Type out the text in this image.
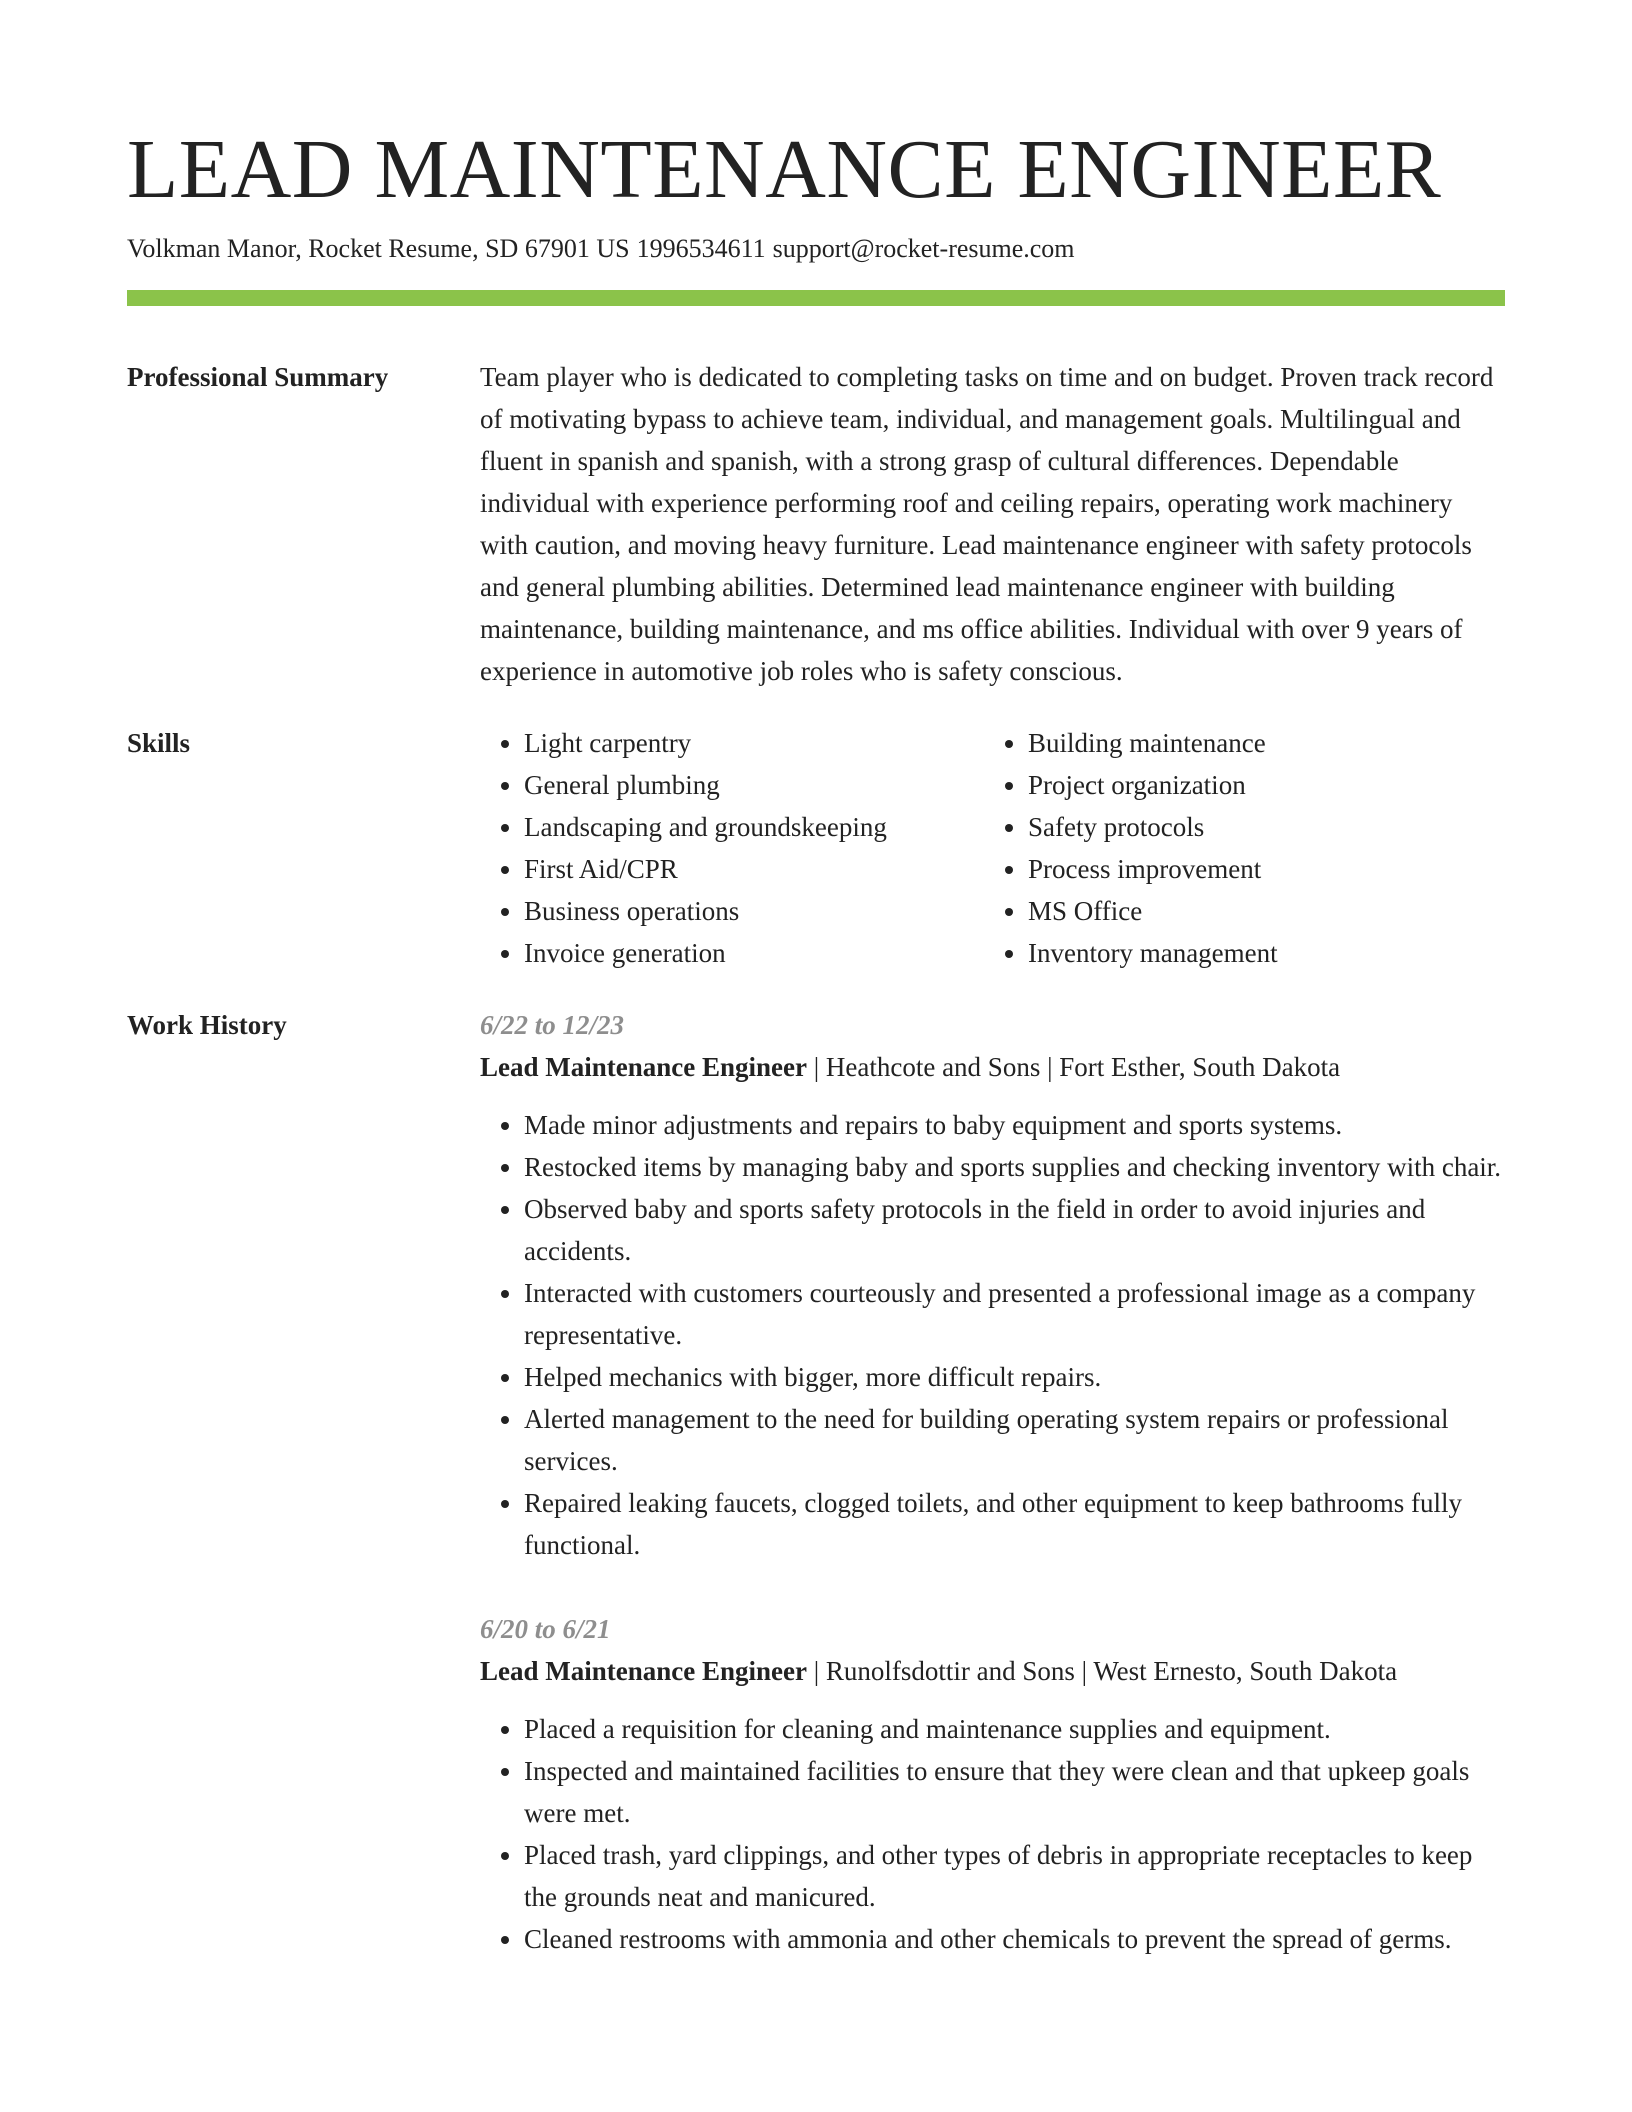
LEAD MAINTENANCE ENGINEER
Volkman Manor, Rocket Resume, SD 67901 US 1996534611 support@rocket-resume.com
Professional Summary	Team player who is dedicated to completing tasks on time and on budget. Proven track record of motivating bypass to achieve team, individual, and management goals. Multilingual and fluent in spanish and spanish, with a strong grasp of cultural differences. Dependable individual with experience performing roof and ceiling repairs, operating work machinery with caution, and moving heavy furniture. Lead maintenance engineer with safety protocols and general plumbing abilities. Determined lead maintenance engineer with building maintenance, building maintenance, and ms office abilities. Individual with over 9 years of experience in automotive job roles who is safety conscious.

Skills
•	Light carpentry
• General plumbing
• Landscaping and groundskeeping
• First Aid/CPR
• Business operations
• Invoice generation
• Building maintenance
• Project organization
• Safety protocols
• Process improvement
• MS Office
• Inventory management
Work History	6/22 to 12/23
Lead Maintenance Engineer | Heathcote and Sons | Fort Esther, South Dakota
• Made minor adjustments and repairs to baby equipment and sports systems.
• Restocked items by managing baby and sports supplies and checking inventory with chair.
• Observed baby and sports safety protocols in the field in order to avoid injuries and accidents.
• Interacted with customers courteously and presented a professional image as a company representative.
• Helped mechanics with bigger, more difficult repairs.
• Alerted management to the need for building operating system repairs or professional services.
• Repaired leaking faucets, clogged toilets, and other equipment to keep bathrooms fully functional.
6/20 to 6/21
Lead Maintenance Engineer | Runolfsdottir and Sons | West Ernesto, South Dakota
• Placed a requisition for cleaning and maintenance supplies and equipment.
• Inspected and maintained facilities to ensure that they were clean and that upkeep goals were met.
• Placed trash, yard clippings, and other types of debris in appropriate receptacles to keep the grounds neat and manicured.
• Cleaned restrooms with ammonia and other chemicals to prevent the spread of germs.
